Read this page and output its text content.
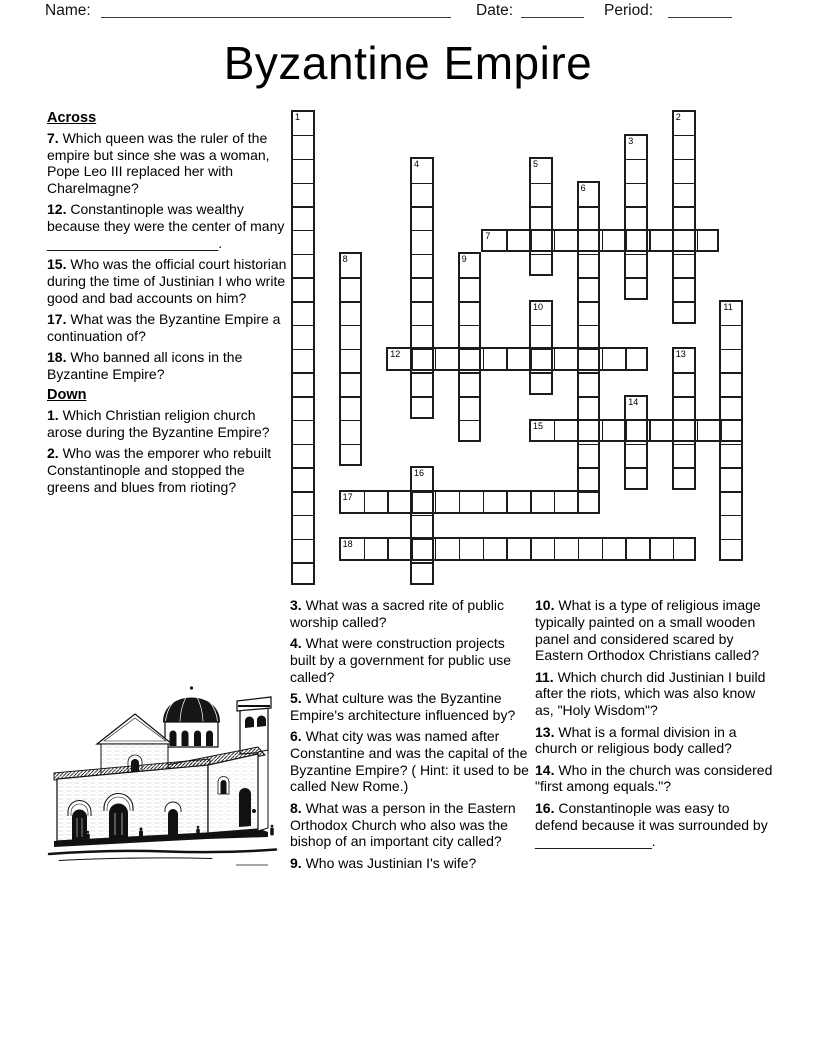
Name:	Date:	Period:
Byzantine Empire

Across

7. Which queen was the ruler of the empire but since she was a woman, Pope Leo III replaced her with Charelmagne?

12. Constantinople was wealthy because they were the center of many ______________________.

15. Who was the official court historian during the time of Justinian I who write good and bad accounts on him?

17. What was the Byzantine Empire a continuation of?

18. Who banned all icons in the Byzantine Empire?

Down

1. Which Christian religion church arose during the Byzantine Empire?

2. Who was the emporer who rebuilt Constantinople and stopped the greens and blues from rioting?

1	2
3
4	5
6
7
8	9
10	11
12	13
14
15
16
17
18

3. What was a sacred rite of public worship called?

4. What were construction projects built by a government for public use called?

5. What culture was the Byzantine Empire's architecture influenced by?

6. What city was was named after Constantine and was the capital of the Byzantine Empire? ( Hint: it used to be called New Rome.)

8. What was a person in the Eastern Orthodox Church who also was the bishop of an important city called?

9. Who was Justinian I's wife?

10. What is a type of religious image typically painted on a small wooden panel and considered scared by Eastern Orthodox Christians called?

11. Which church did Justinian I build after the riots, which was also know as, "Holy Wisdom"?

13. What is a formal division in a church or religious body called?

14. Who in the church was considered "first among equals."?

16. Constantinople was easy to defend because it was surrounded by _______________.
